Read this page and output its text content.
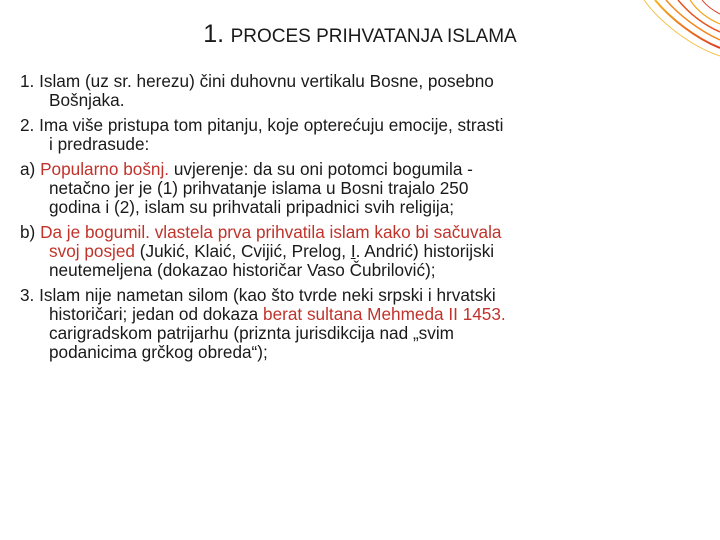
1. PROCES PRIHVATANJA ISLAMA
1. Islam (uz sr. herezu) čini duhovnu vertikalu Bosne, posebno
Bošnjaka.
2. Ima više pristupa tom pitanju, koje opterećuju emocije, strasti
i predrasude:
a) Popularno bošnj. uvjerenje: da su oni potomci bogumila -
netačno jer je (1) prihvatanje islama u Bosni trajalo 250
godina i (2), islam su prihvatali pripadnici svih religija;
b) Da je bogumil. vlastela prva prihvatila islam kako bi sačuvala
svoj posjed (Jukić, Klaić, Cvijić, Prelog, I. Andrić) historijski
neutemeljena (dokazao historičar Vaso Čubrilović);
3. Islam nije nametan silom (kao što tvrde neki srpski i hrvatski
historičari; jedan od dokaza berat sultana Mehmeda II 1453.
carigradskom patrijarhu (priznta jurisdikcija nad „svim
podanicima grčkog obreda“);
